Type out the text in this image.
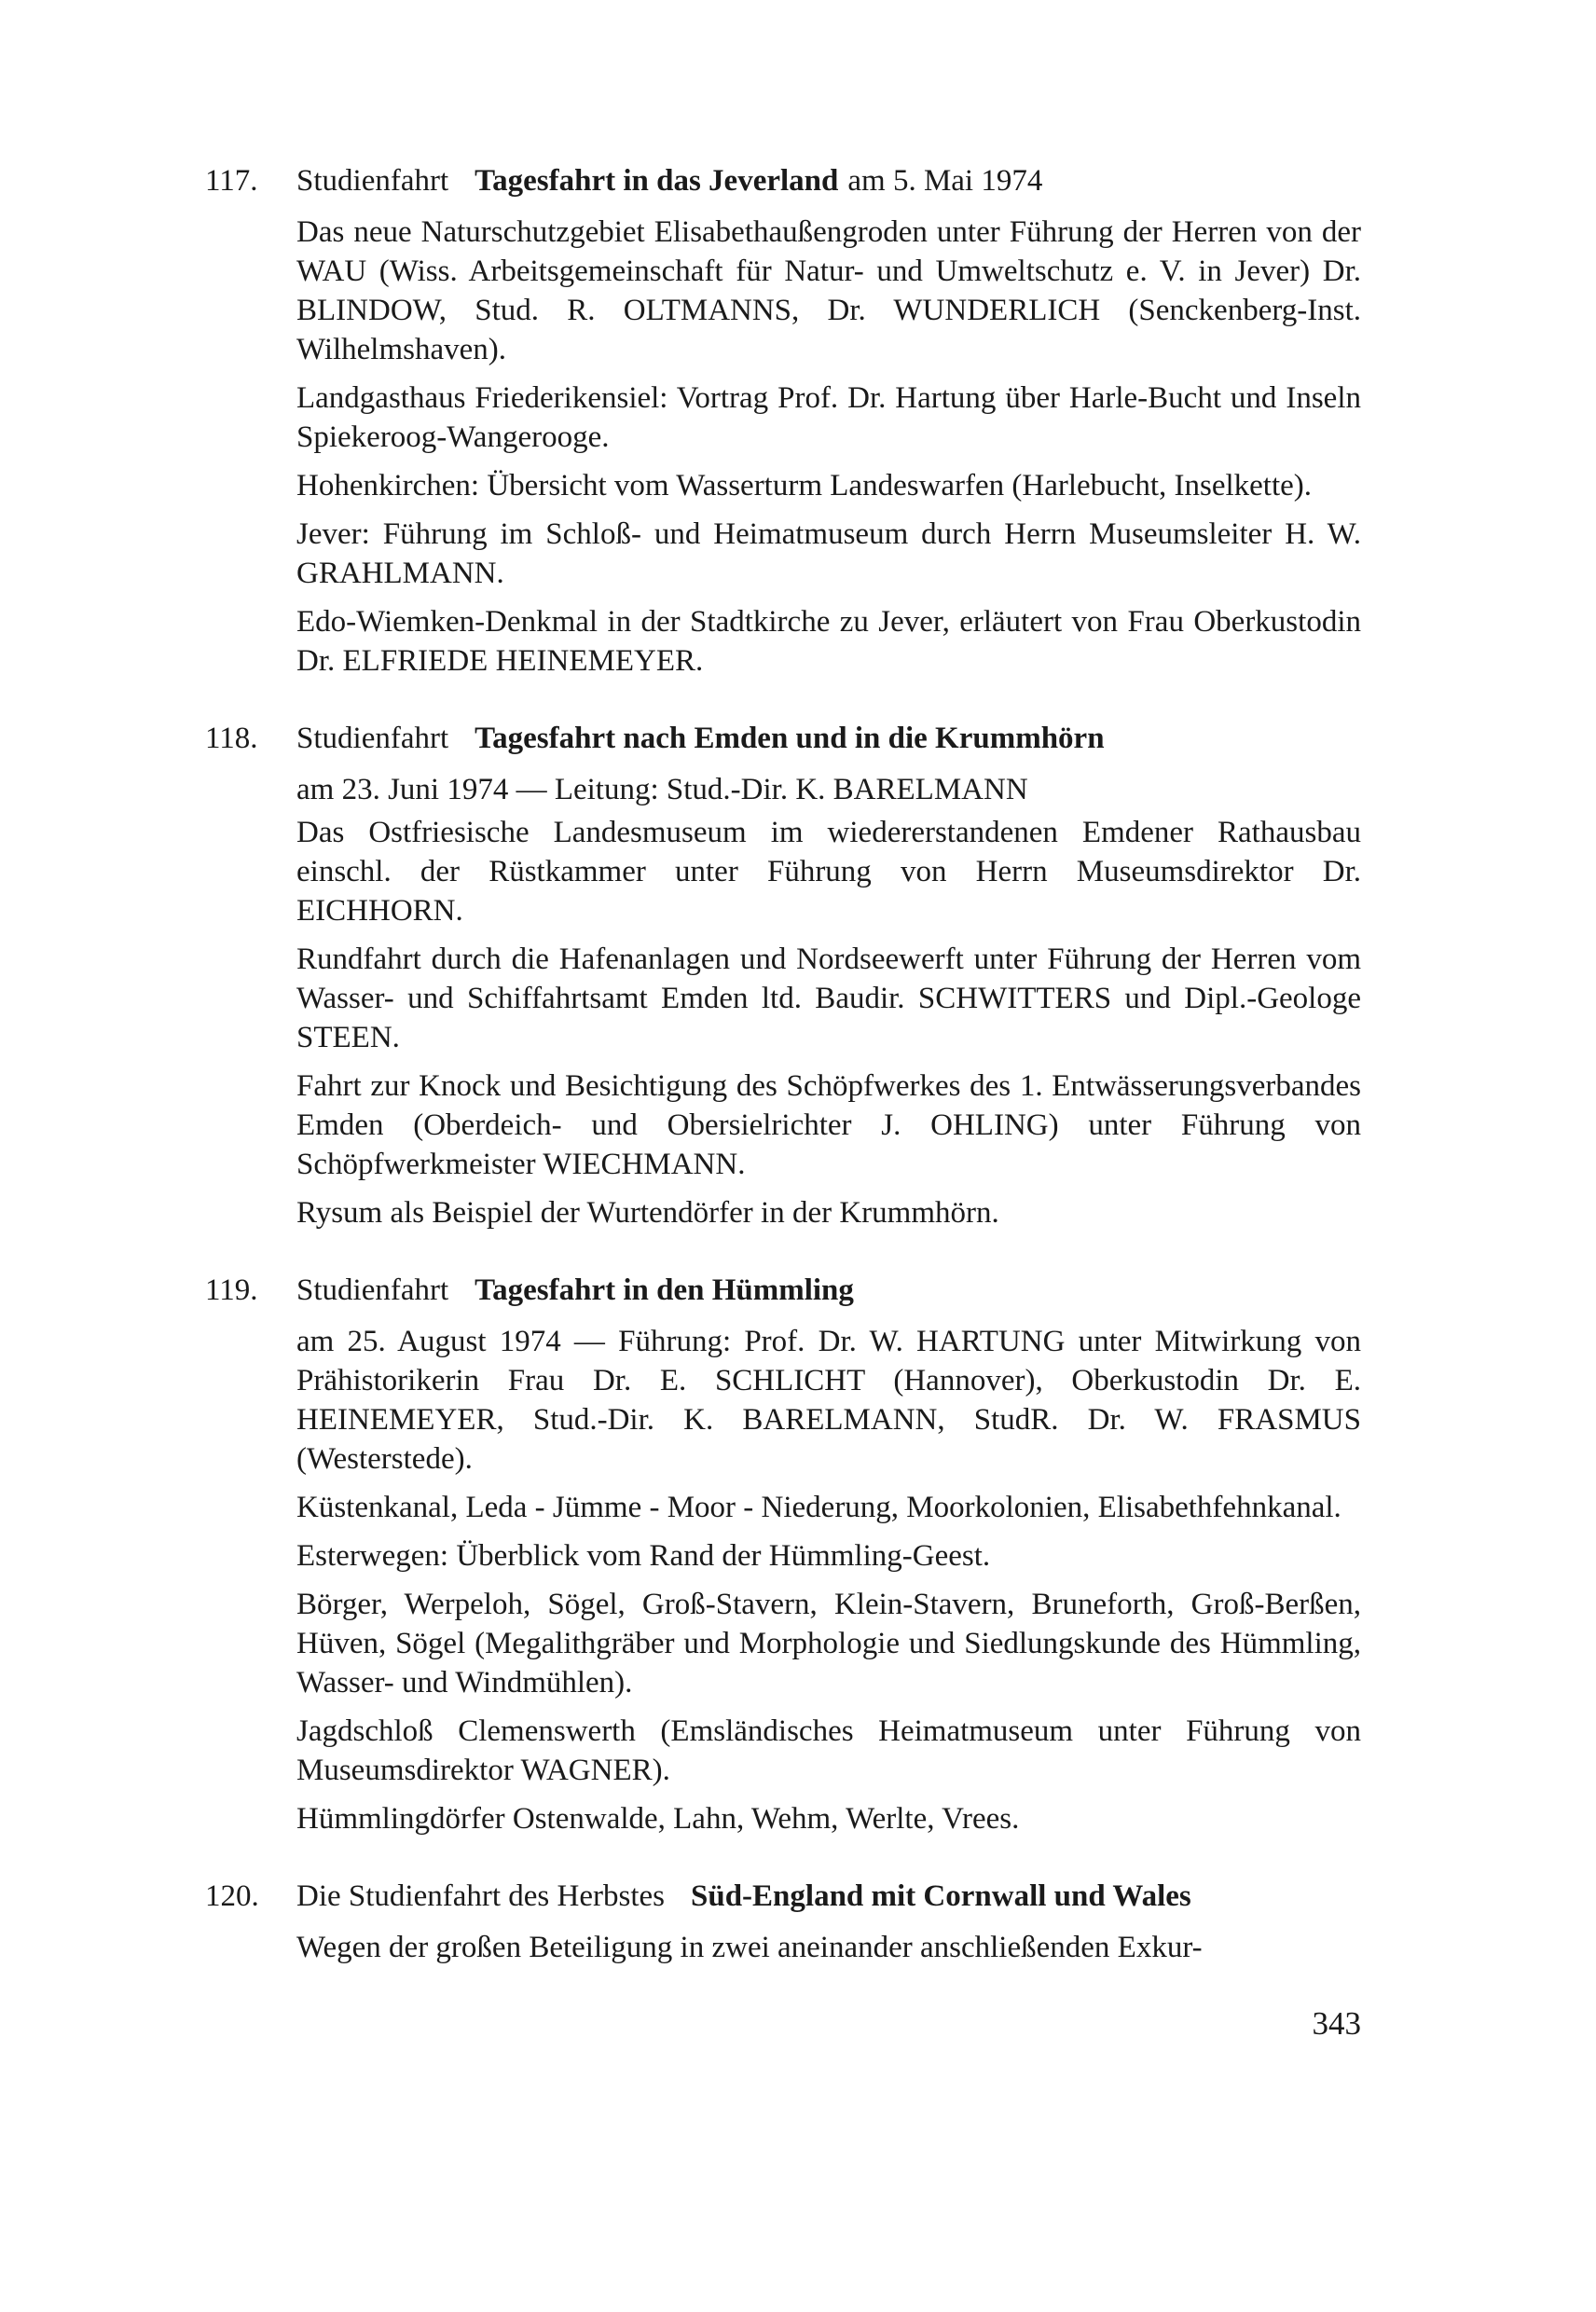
117.	Studienfahrt Tagesfahrt in das Jeverland am 5. Mai 1974

Das neue Naturschutzgebiet Elisabethaußengroden unter Führung der Herren von der WAU (Wiss. Arbeitsgemeinschaft für Natur- und Umweltschutz e. V. in Jever) Dr. BLINDOW, Stud. R. OLTMANNS, Dr. WUNDERLICH (Senckenberg-Inst. Wilhelmshaven).

Landgasthaus Friederikensiel: Vortrag Prof. Dr. Hartung über Harle-Bucht und Inseln Spiekeroog-Wangerooge.

Hohenkirchen: Übersicht vom Wasserturm Landeswarfen (Harlebucht, Inselkette).

Jever: Führung im Schloß- und Heimatmuseum durch Herrn Museumsleiter H. W. GRAHLMANN.

Edo-Wiemken-Denkmal in der Stadtkirche zu Jever, erläutert von Frau Oberkustodin Dr. ELFRIEDE HEINEMEYER.

118.	Studienfahrt Tagesfahrt nach Emden und in die Krummhörn

am 23. Juni 1974 — Leitung: Stud.-Dir. K. BARELMANN

Das Ostfriesische Landesmuseum im wiedererstandenen Emdener Rathausbau einschl. der Rüstkammer unter Führung von Herrn Museumsdirektor Dr. EICHHORN.

Rundfahrt durch die Hafenanlagen und Nordseewerft unter Führung der Herren vom Wasser- und Schiffahrtsamt Emden ltd. Baudir. SCHWITTERS und Dipl.-Geologe STEEN.

Fahrt zur Knock und Besichtigung des Schöpfwerkes des 1. Entwässerungsverbandes Emden (Oberdeich- und Obersielrichter J. OHLING) unter Führung von Schöpfwerkmeister WIECHMANN.

Rysum als Beispiel der Wurtendörfer in der Krummhörn.

119.	Studienfahrt Tagesfahrt in den Hümmling

am 25. August 1974 — Führung: Prof. Dr. W. HARTUNG unter Mitwirkung von Prähistorikerin Frau Dr. E. SCHLICHT (Hannover), Oberkustodin Dr. E. HEINEMEYER, Stud.-Dir. K. BARELMANN, StudR. Dr. W. FRASMUS (Westerstede).

Küstenkanal, Leda - Jümme - Moor - Niederung, Moorkolonien, Elisabethfehnkanal.

Esterwegen: Überblick vom Rand der Hümmling-Geest.

Börger, Werpeloh, Sögel, Groß-Stavern, Klein-Stavern, Bruneforth, Groß-Berßen, Hüven, Sögel (Megalithgräber und Morphologie und Siedlungskunde des Hümmling, Wasser- und Windmühlen).

Jagdschloß Clemenswerth (Emsländisches Heimatmuseum unter Führung von Museumsdirektor WAGNER).

Hümmlingdörfer Ostenwalde, Lahn, Wehm, Werlte, Vrees.

120.	Die Studienfahrt des Herbstes Süd-England mit Cornwall und Wales

Wegen der großen Beteiligung in zwei aneinander anschließenden Exkur-

343
